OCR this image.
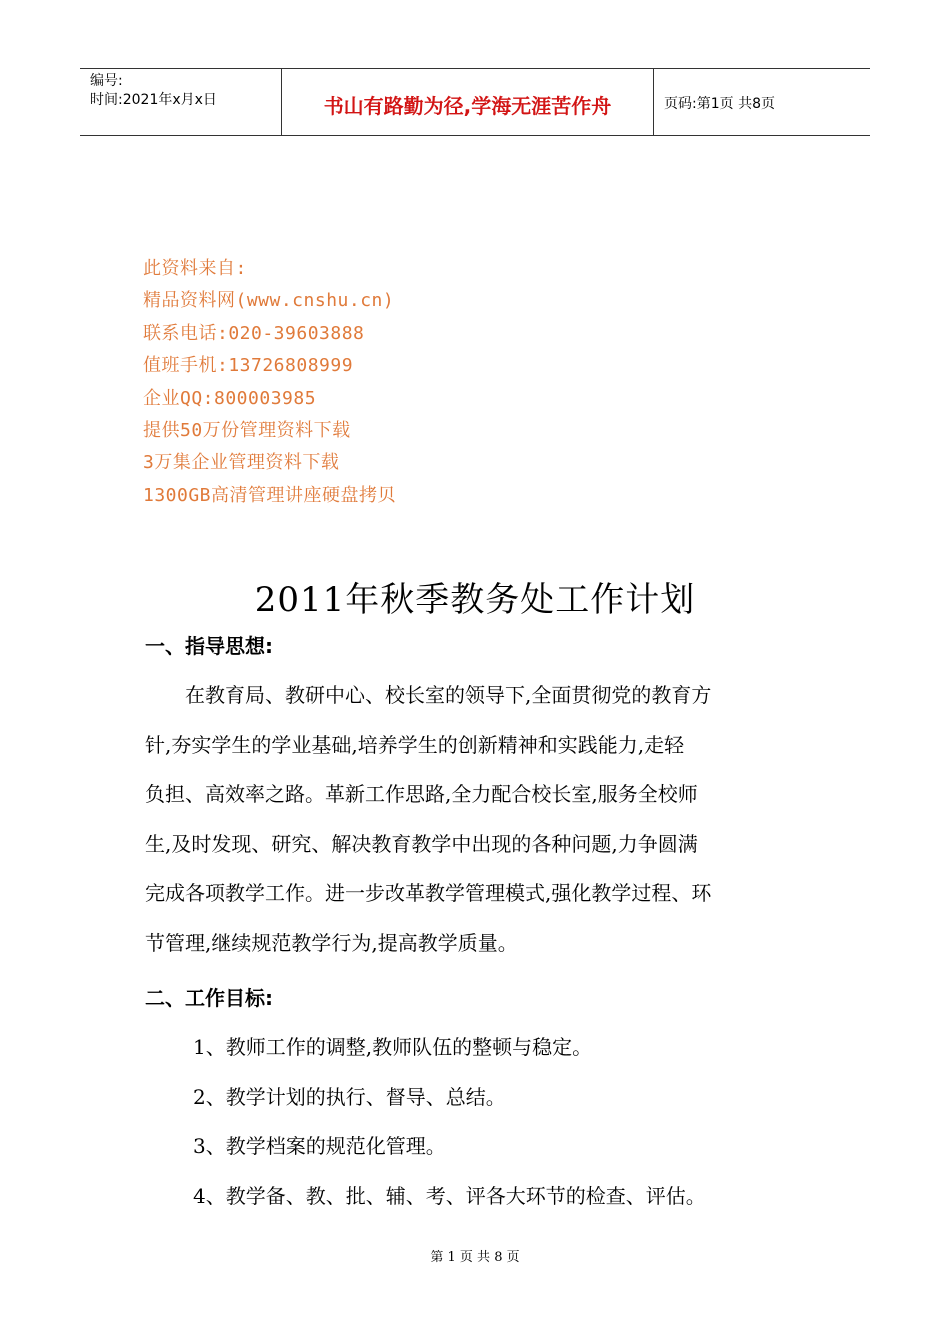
编号:
时间:2021年x月x日	书山有路勤为径,学海无涯苦作舟	页码:第1页 共8页
此资料来自:
精品资料网(www.cnshu.cn)
联系电话:020-39603888
值班手机:13726808999
企业QQ:800003985
提供50万份管理资料下载
3万集企业管理资料下载
1300GB高清管理讲座硬盘拷贝
2011年秋季教务处工作计划
一、指导思想:
　　在教育局、教研中心、校长室的领导下,全面贯彻党的教育方
针,夯实学生的学业基础,培养学生的创新精神和实践能力,走轻
负担、高效率之路。革新工作思路,全力配合校长室,服务全校师
生,及时发现、研究、解决教育教学中出现的各种问题,力争圆满
完成各项教学工作。进一步改革教学管理模式,强化教学过程、环
节管理,继续规范教学行为,提高教学质量。
二、工作目标:
1、教师工作的调整,教师队伍的整顿与稳定。
2、教学计划的执行、督导、总结。
3、教学档案的规范化管理。
4、教学备、教、批、辅、考、评各大环节的检查、评估。
第 1 页 共 8 页
